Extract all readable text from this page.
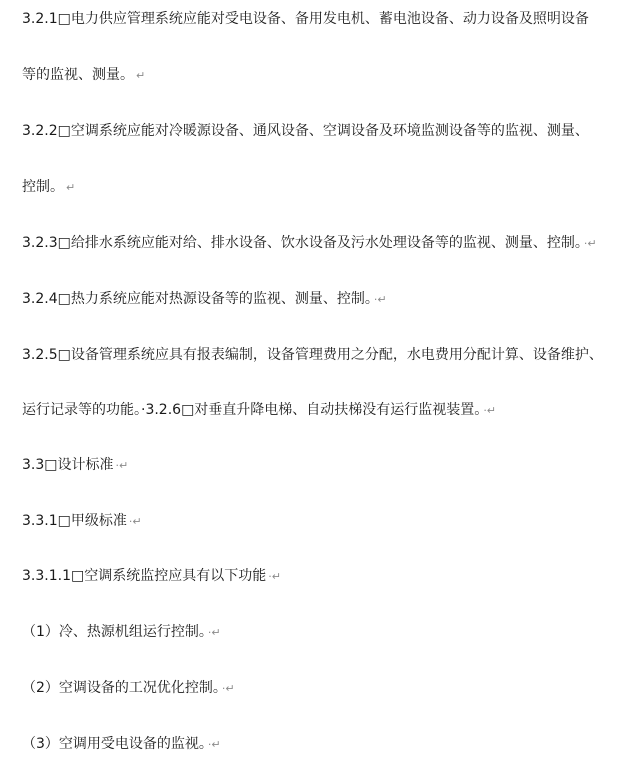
3.2.1□电力供应管理系统应能对受电设备、备用发电机、蓄电池设备、动力设备及照明设备
等的监视、测量。 ↵
3.2.2□空调系统应能对冷暖源设备、通风设备、空调设备及环境监测设备等的监视、测量、
控制。 ↵
3.2.3□给排水系统应能对给、排水设备、饮水设备及污水处理设备等的监视、测量、控制。 ·↵
3.2.4□热力系统应能对热源设备等的监视、测量、控制。 ·↵
3.2.5□设备管理系统应具有报表编制，设备管理费用之分配，水电费用分配计算、设备维护、
运行记录等的功能。·3.2.6□对垂直升降电梯、自动扶梯没有运行监视装置。 ·↵
3.3□设计标准 ·↵
3.3.1□甲级标准 ·↵
3.3.1.1□空调系统监控应具有以下功能 ·↵
（1）冷、热源机组运行控制。 ·↵
（2）空调设备的工况优化控制。 ·↵
（3）空调用受电设备的监视。 ·↵
